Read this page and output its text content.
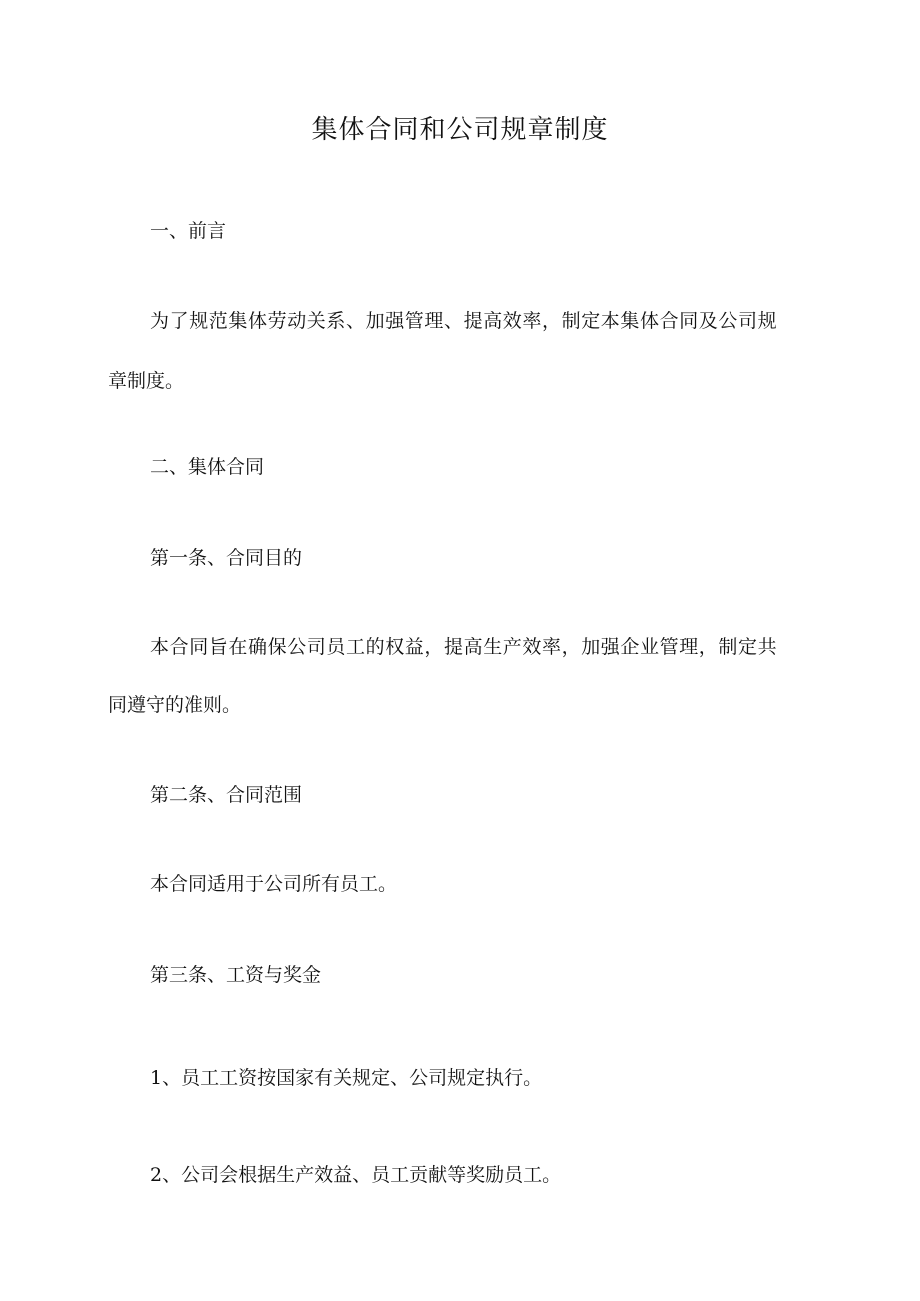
集体合同和公司规章制度
一、前言
为了规范集体劳动关系、加强管理、提高效率，制定本集体合同及公司规
章制度。
二、集体合同
第一条、合同目的
本合同旨在确保公司员工的权益，提高生产效率，加强企业管理，制定共
同遵守的准则。
第二条、合同范围
本合同适用于公司所有员工。
第三条、工资与奖金
1、员工工资按国家有关规定、公司规定执行。
2、公司会根据生产效益、员工贡献等奖励员工。
